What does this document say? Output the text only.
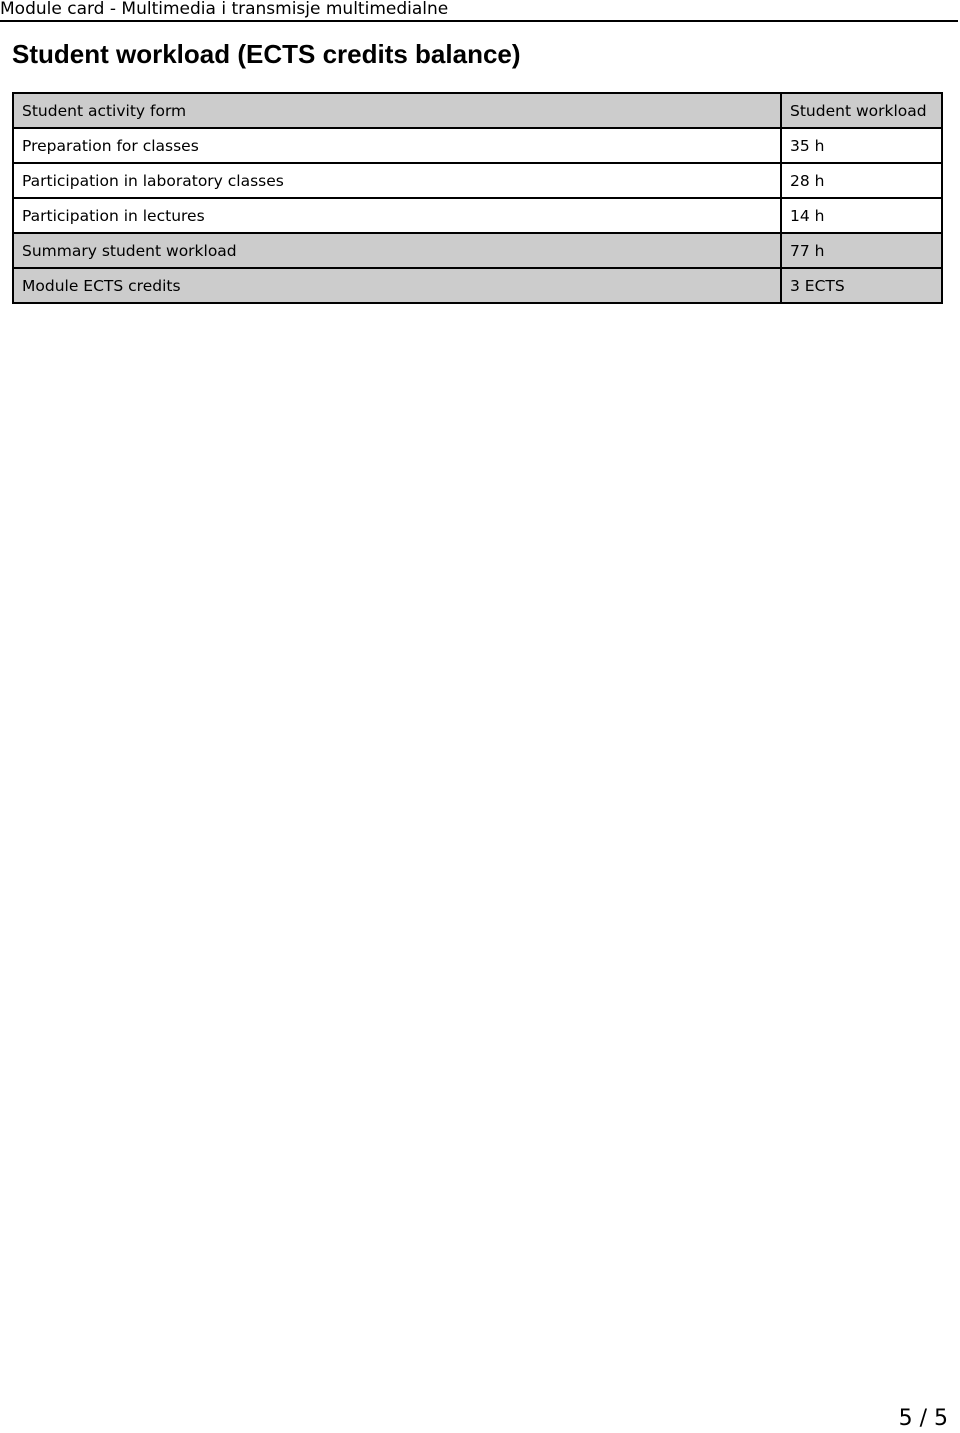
Module card - Multimedia i transmisje multimedialne
Student workload (ECTS credits balance)
Student activity form	Student workload
Preparation for classes	35 h
Participation in laboratory classes	28 h
Participation in lectures	14 h
Summary student workload	77 h
Module ECTS credits	3 ECTS
5 / 5
